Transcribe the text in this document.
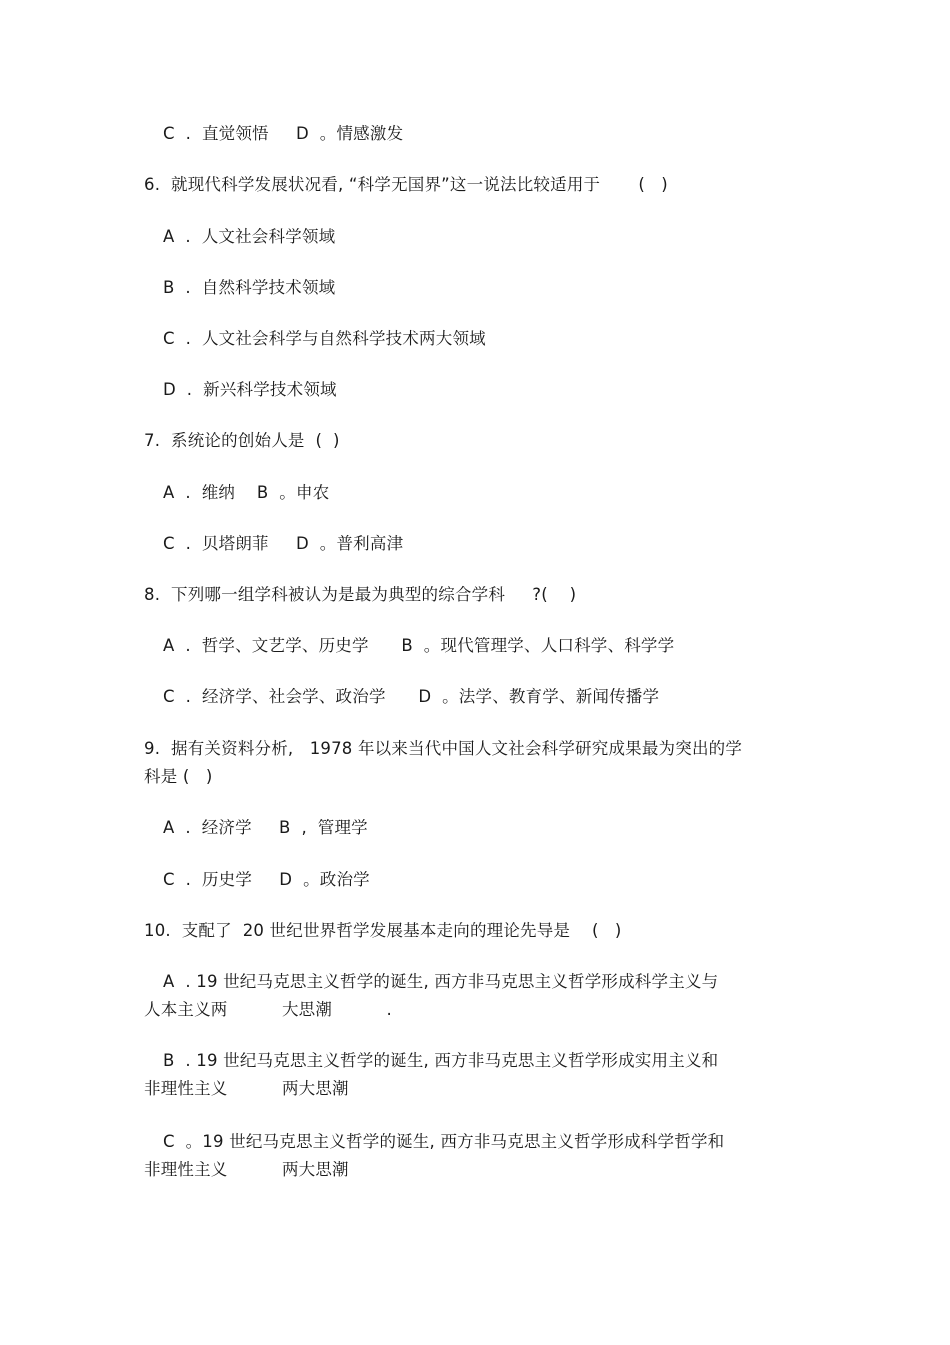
C  .  直觉领悟     D  。情感激发
6.  就现代科学发展状况看, “科学无国界”这一说法比较适用于       (   )
A  .  人文社会科学领域
B  .  自然科学技术领域
C  .  人文社会科学与自然科学技术两大领域
D  .  新兴科学技术领域
7.  系统论的创始人是  (  )
A  .  维纳    B  。申农
C  .  贝塔朗菲     D  。普利高津
8.  下列哪一组学科被认为是最为典型的综合学科     ?(    )
A  .  哲学、文艺学、历史学      B  。现代管理学、人口科学、科学学
C  .  经济学、社会学、政治学      D  。法学、教育学、新闻传播学
9.  据有关资料分析,   1978 年以来当代中国人文社会科学研究成果最为突出的学
科是 (   )
A  .  经济学     B  ,  管理学
C  .  历史学     D  。政治学
10.  支配了  20 世纪世界哲学发展基本走向的理论先导是    (   )
A  . 19 世纪马克思主义哲学的诞生, 西方非马克思主义哲学形成科学主义与
人本主义两          大思潮          .
B  . 19 世纪马克思主义哲学的诞生, 西方非马克思主义哲学形成实用主义和
非理性主义          两大思潮
C  。19 世纪马克思主义哲学的诞生, 西方非马克思主义哲学形成科学哲学和
非理性主义          两大思潮
